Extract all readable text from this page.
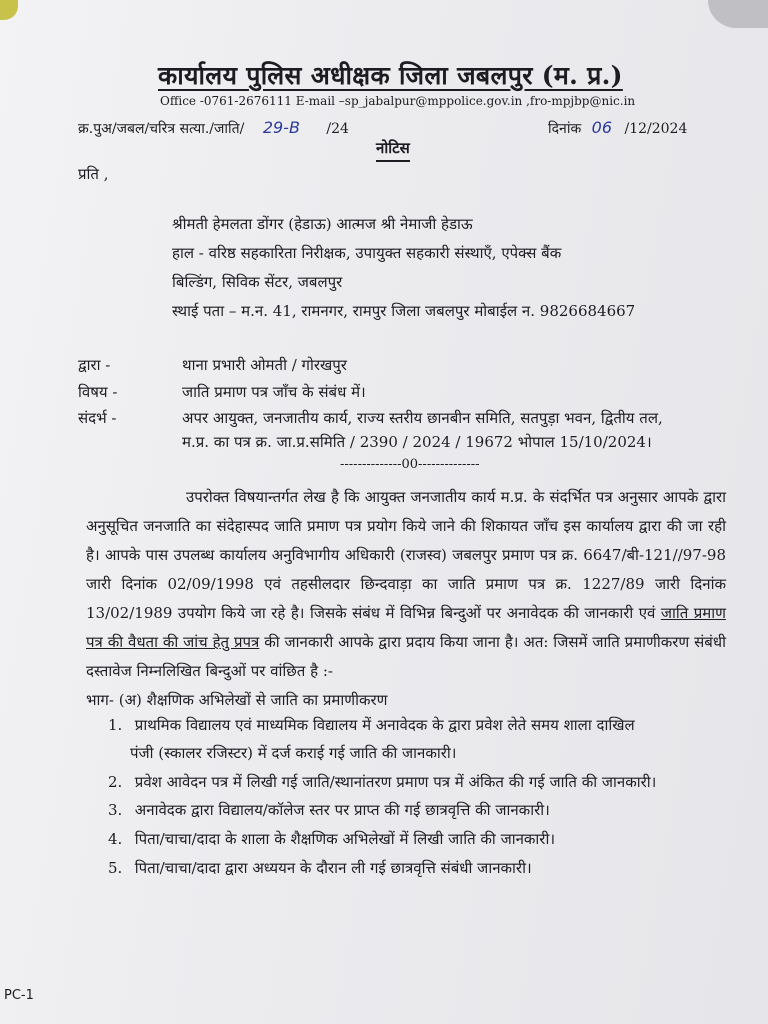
कार्यालय पुलिस अधीक्षक जिला जबलपुर (म. प्र.)
Office -0761-2676111 E-mail –sp_jabalpur@mppolice.gov.in ,fro-mpjbp@nic.in
क्र.पुअ/जबल/चरित्र सत्या./जाति/ 29-B /24	दिनांक 06 /12/2024
नोटिस
प्रति ,
श्रीमती हेमलता डोंगर (हेडाऊ) आत्मज श्री नेमाजी हेडाऊ
हाल - वरिष्ठ सहकारिता निरीक्षक, उपायुक्त सहकारी संस्थाएँ, एपेक्स बैंक
बिल्डिंग, सिविक सेंटर, जबलपुर
स्थाई पता – म.न. 41, रामनगर, रामपुर जिला जबलपुर मोबाईल न. 9826684667
द्वारा -	थाना प्रभारी ओमती / गोरखपुर
विषय -	जाति प्रमाण पत्र जाँच के संबंध में।
संदर्भ -	अपर आयुक्त, जनजातीय कार्य, राज्य स्तरीय छानबीन समिति, सतपुड़ा भवन, द्वितीय तल,
म.प्र. का पत्र क्र. जा.प्र.समिति / 2390 / 2024 / 19672 भोपाल 15/10/2024।
--------------00--------------
उपरोक्त विषयान्तर्गत लेख है कि आयुक्त जनजातीय कार्य म.प्र. के संदर्भित पत्र अनुसार आपके द्वारा अनुसूचित जनजाति का संदेहास्पद जाति प्रमाण पत्र प्रयोग किये जाने की शिकायत जाँच इस कार्यालय द्वारा की जा रही है। आपके पास उपलब्ध कार्यालय अनुविभागीय अधिकारी (राजस्व) जबलपुर प्रमाण पत्र क्र. 6647/बी-121//97-98 जारी दिनांक 02/09/1998 एवं तहसीलदार छिन्दवाड़ा का जाति प्रमाण पत्र क्र. 1227/89 जारी दिनांक 13/02/1989 उपयोग किये जा रहे है। जिसके संबंध में विभिन्न बिन्दुओं पर अनावेदक की जानकारी एवं जाति प्रमाण पत्र की वैधता की जांच हेतु प्रपत्र की जानकारी आपके द्वारा प्रदाय किया जाना है। अत: जिसमें जाति प्रमाणीकरण संबंधी दस्तावेज निम्नलिखित बिन्दुओं पर वांछित है :-
भाग- (अ) शैक्षणिक अभिलेखों से जाति का प्रमाणीकरण
1. प्राथमिक विद्यालय एवं माध्यमिक विद्यालय में अनावेदक के द्वारा प्रवेश लेते समय शाला दाखिल
पंजी (स्कालर रजिस्टर) में दर्ज कराई गई जाति की जानकारी।
2. प्रवेश आवेदन पत्र में लिखी गई जाति/स्थानांतरण प्रमाण पत्र में अंकित की गई जाति की जानकारी।
3. अनावेदक द्वारा विद्यालय/कॉलेज स्तर पर प्राप्त की गई छात्रवृत्ति की जानकारी।
4. पिता/चाचा/दादा के शाला के शैक्षणिक अभिलेखों में लिखी जाति की जानकारी।
5. पिता/चाचा/दादा द्वारा अध्ययन के दौरान ली गई छात्रवृत्ति संबंधी जानकारी।
PC-1
